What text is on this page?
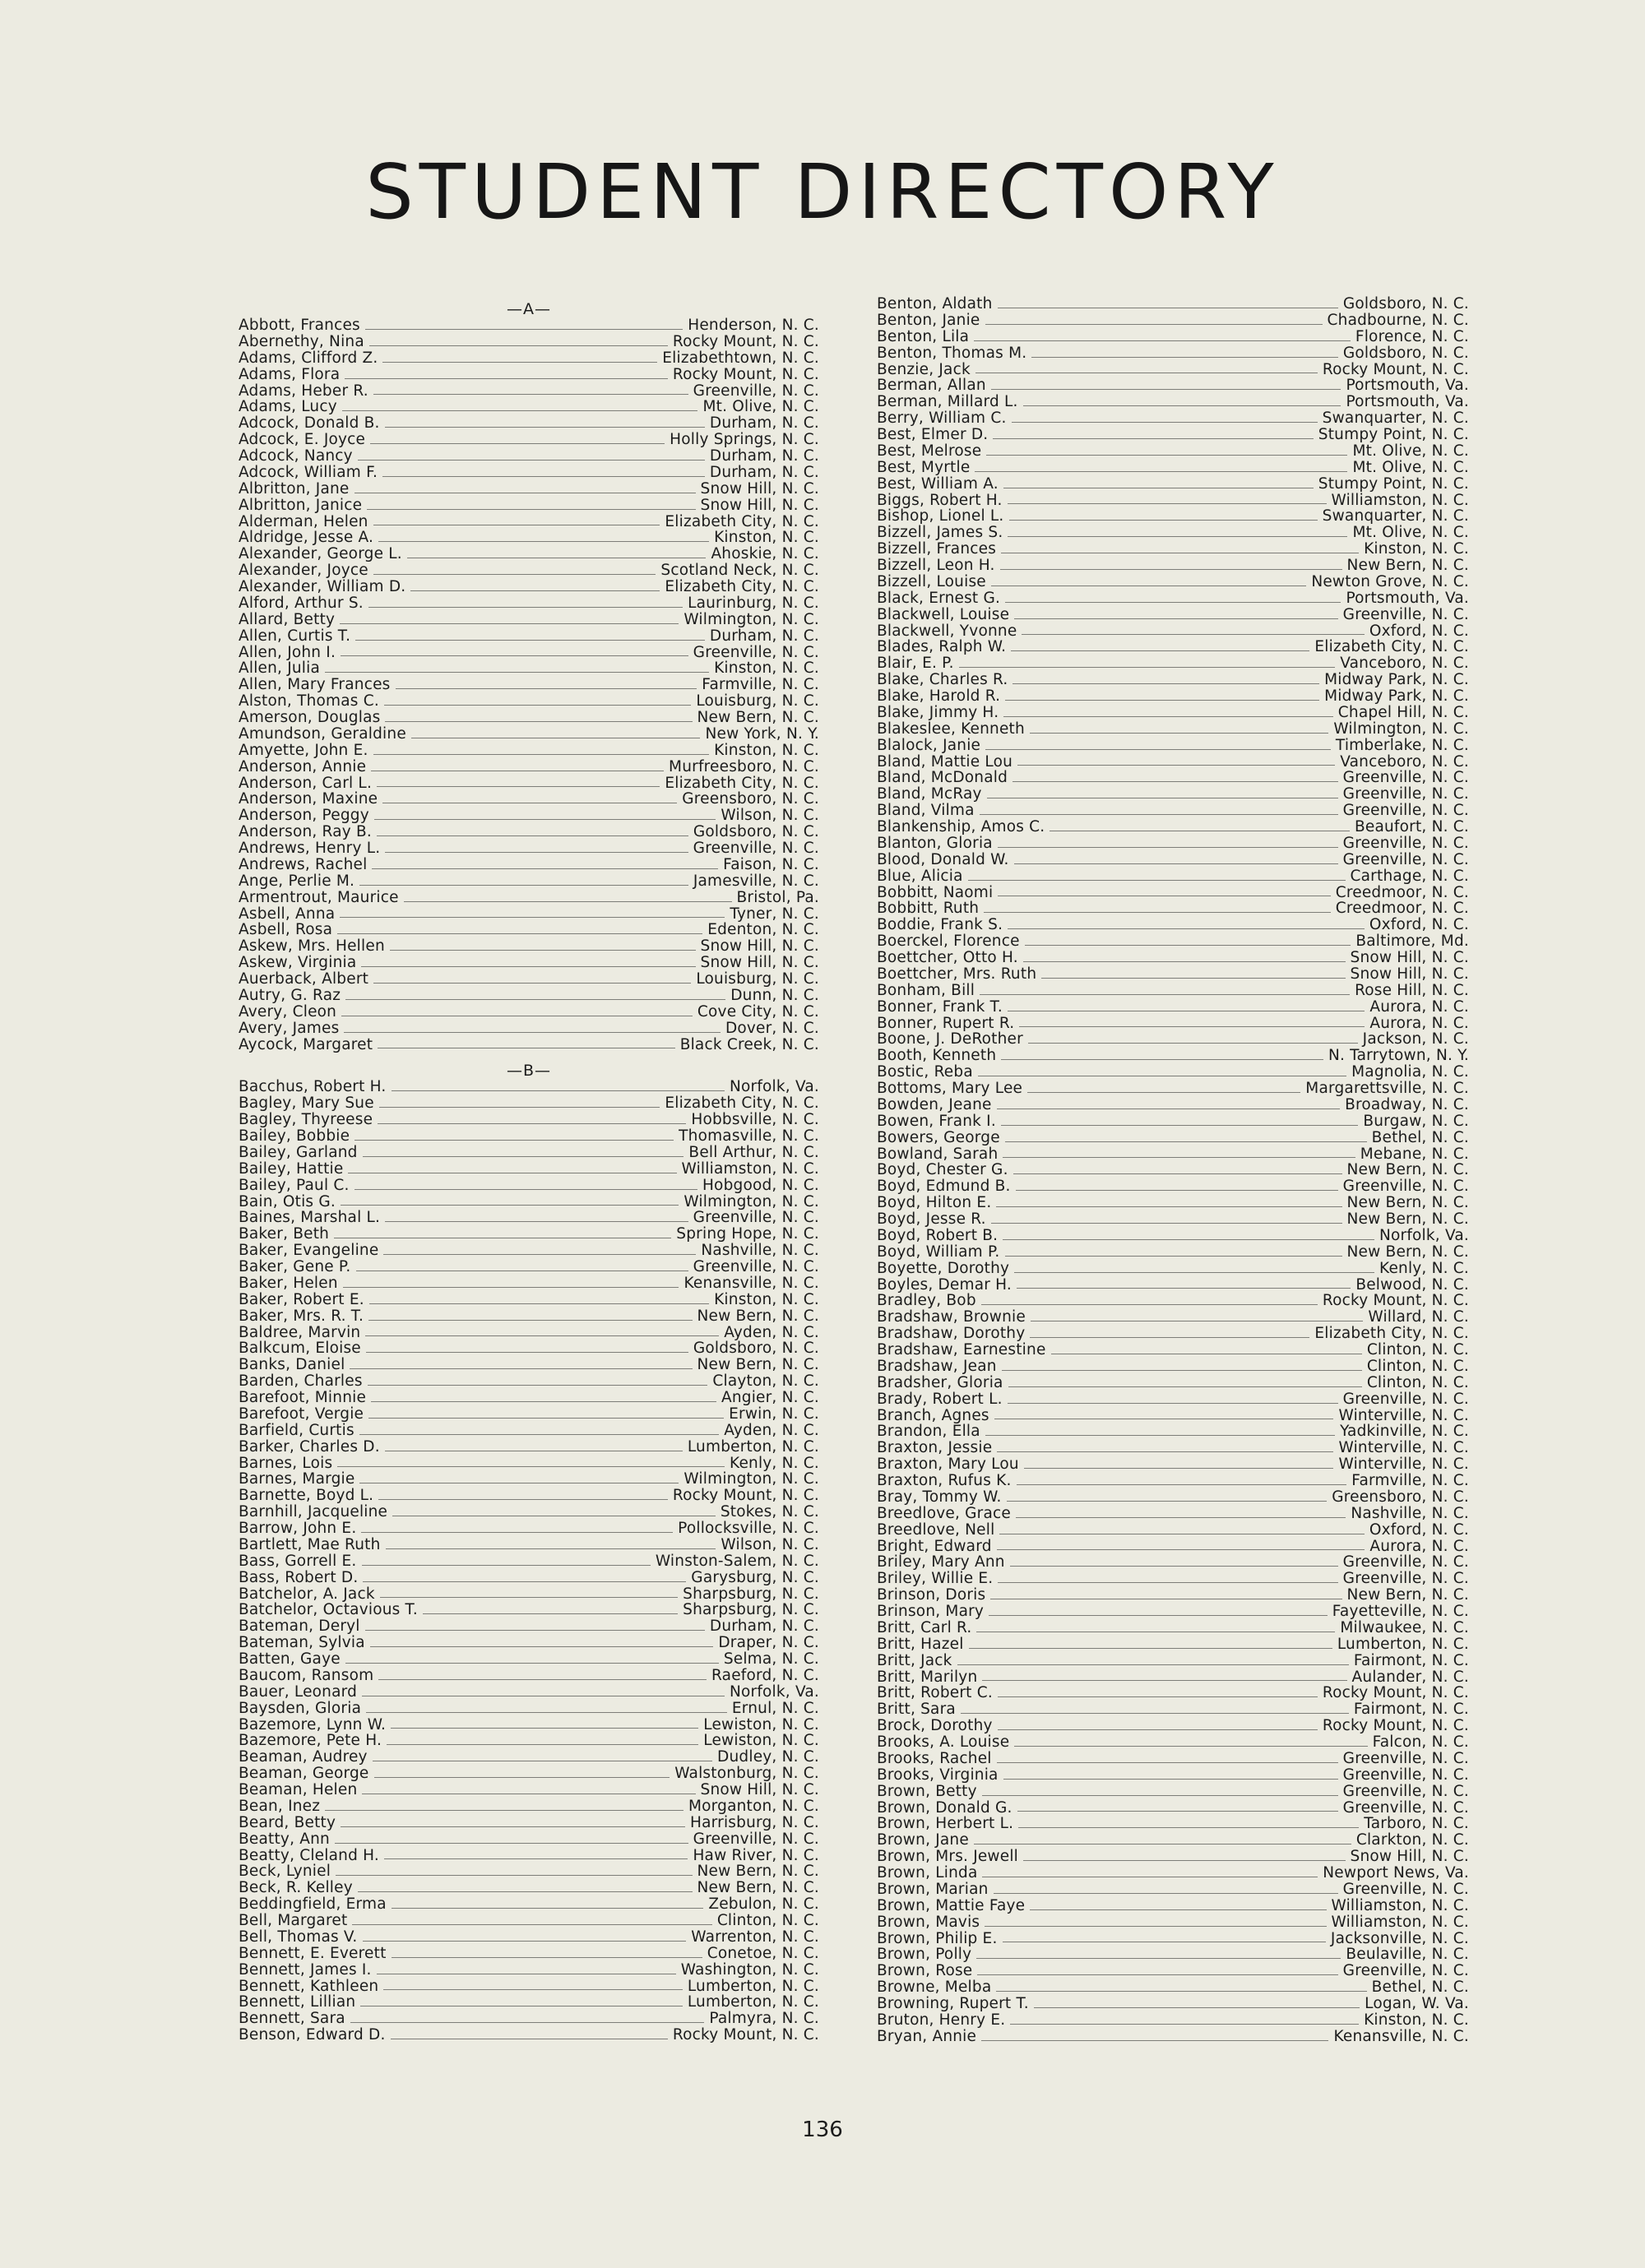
STUDENT DIRECTORY
—A—
Abbott, Frances	Henderson, N. C.
Abernethy, Nina	Rocky Mount, N. C.
Adams, Clifford Z.	Elizabethtown, N. C.
Adams, Flora	Rocky Mount, N. C.
Adams, Heber R.	Greenville, N. C.
Adams, Lucy	Mt. Olive, N. C.
Adcock, Donald B.	Durham, N. C.
Adcock, E. Joyce	Holly Springs, N. C.
Adcock, Nancy	Durham, N. C.
Adcock, William F.	Durham, N. C.
Albritton, Jane	Snow Hill, N. C.
Albritton, Janice	Snow Hill, N. C.
Alderman, Helen	Elizabeth City, N. C.
Aldridge, Jesse A.	Kinston, N. C.
Alexander, George L.	Ahoskie, N. C.
Alexander, Joyce	Scotland Neck, N. C.
Alexander, William D.	Elizabeth City, N. C.
Alford, Arthur S.	Laurinburg, N. C.
Allard, Betty	Wilmington, N. C.
Allen, Curtis T.	Durham, N. C.
Allen, John I.	Greenville, N. C.
Allen, Julia	Kinston, N. C.
Allen, Mary Frances	Farmville, N. C.
Alston, Thomas C.	Louisburg, N. C.
Amerson, Douglas	New Bern, N. C.
Amundson, Geraldine	New York, N. Y.
Amyette, John E.	Kinston, N. C.
Anderson, Annie	Murfreesboro, N. C.
Anderson, Carl L.	Elizabeth City, N. C.
Anderson, Maxine	Greensboro, N. C.
Anderson, Peggy	Wilson, N. C.
Anderson, Ray B.	Goldsboro, N. C.
Andrews, Henry L.	Greenville, N. C.
Andrews, Rachel	Faison, N. C.
Ange, Perlie M.	Jamesville, N. C.
Armentrout, Maurice	Bristol, Pa.
Asbell, Anna	Tyner, N. C.
Asbell, Rosa	Edenton, N. C.
Askew, Mrs. Hellen	Snow Hill, N. C.
Askew, Virginia	Snow Hill, N. C.
Auerback, Albert	Louisburg, N. C.
Autry, G. Raz	Dunn, N. C.
Avery, Cleon	Cove City, N. C.
Avery, James	Dover, N. C.
Aycock, Margaret	Black Creek, N. C.
—B—
Bacchus, Robert H.	Norfolk, Va.
Bagley, Mary Sue	Elizabeth City, N. C.
Bagley, Thyreese	Hobbsville, N. C.
Bailey, Bobbie	Thomasville, N. C.
Bailey, Garland	Bell Arthur, N. C.
Bailey, Hattie	Williamston, N. C.
Bailey, Paul C.	Hobgood, N. C.
Bain, Otis G.	Wilmington, N. C.
Baines, Marshal L.	Greenville, N. C.
Baker, Beth	Spring Hope, N. C.
Baker, Evangeline	Nashville, N. C.
Baker, Gene P.	Greenville, N. C.
Baker, Helen	Kenansville, N. C.
Baker, Robert E.	Kinston, N. C.
Baker, Mrs. R. T.	New Bern, N. C.
Baldree, Marvin	Ayden, N. C.
Balkcum, Eloise	Goldsboro, N. C.
Banks, Daniel	New Bern, N. C.
Barden, Charles	Clayton, N. C.
Barefoot, Minnie	Angier, N. C.
Barefoot, Vergie	Erwin, N. C.
Barfield, Curtis	Ayden, N. C.
Barker, Charles D.	Lumberton, N. C.
Barnes, Lois	Kenly, N. C.
Barnes, Margie	Wilmington, N. C.
Barnette, Boyd L.	Rocky Mount, N. C.
Barnhill, Jacqueline	Stokes, N. C.
Barrow, John E.	Pollocksville, N. C.
Bartlett, Mae Ruth	Wilson, N. C.
Bass, Gorrell E.	Winston-Salem, N. C.
Bass, Robert D.	Garysburg, N. C.
Batchelor, A. Jack	Sharpsburg, N. C.
Batchelor, Octavious T.	Sharpsburg, N. C.
Bateman, Deryl	Durham, N. C.
Bateman, Sylvia	Draper, N. C.
Batten, Gaye	Selma, N. C.
Baucom, Ransom	Raeford, N. C.
Bauer, Leonard	Norfolk, Va.
Baysden, Gloria	Ernul, N. C.
Bazemore, Lynn W.	Lewiston, N. C.
Bazemore, Pete H.	Lewiston, N. C.
Beaman, Audrey	Dudley, N. C.
Beaman, George	Walstonburg, N. C.
Beaman, Helen	Snow Hill, N. C.
Bean, Inez	Morganton, N. C.
Beard, Betty	Harrisburg, N. C.
Beatty, Ann	Greenville, N. C.
Beatty, Cleland H.	Haw River, N. C.
Beck, Lyniel	New Bern, N. C.
Beck, R. Kelley	New Bern, N. C.
Beddingfield, Erma	Zebulon, N. C.
Bell, Margaret	Clinton, N. C.
Bell, Thomas V.	Warrenton, N. C.
Bennett, E. Everett	Conetoe, N. C.
Bennett, James I.	Washington, N. C.
Bennett, Kathleen	Lumberton, N. C.
Bennett, Lillian	Lumberton, N. C.
Bennett, Sara	Palmyra, N. C.
Benson, Edward D.	Rocky Mount, N. C.
Benton, Aldath	Goldsboro, N. C.
Benton, Janie	Chadbourne, N. C.
Benton, Lila	Florence, N. C.
Benton, Thomas M.	Goldsboro, N. C.
Benzie, Jack	Rocky Mount, N. C.
Berman, Allan	Portsmouth, Va.
Berman, Millard L.	Portsmouth, Va.
Berry, William C.	Swanquarter, N. C.
Best, Elmer D.	Stumpy Point, N. C.
Best, Melrose	Mt. Olive, N. C.
Best, Myrtle	Mt. Olive, N. C.
Best, William A.	Stumpy Point, N. C.
Biggs, Robert H.	Williamston, N. C.
Bishop, Lionel L.	Swanquarter, N. C.
Bizzell, James S.	Mt. Olive, N. C.
Bizzell, Frances	Kinston, N. C.
Bizzell, Leon H.	New Bern, N. C.
Bizzell, Louise	Newton Grove, N. C.
Black, Ernest G.	Portsmouth, Va.
Blackwell, Louise	Greenville, N. C.
Blackwell, Yvonne	Oxford, N. C.
Blades, Ralph W.	Elizabeth City, N. C.
Blair, E. P.	Vanceboro, N. C.
Blake, Charles R.	Midway Park, N. C.
Blake, Harold R.	Midway Park, N. C.
Blake, Jimmy H.	Chapel Hill, N. C.
Blakeslee, Kenneth	Wilmington, N. C.
Blalock, Janie	Timberlake, N. C.
Bland, Mattie Lou	Vanceboro, N. C.
Bland, McDonald	Greenville, N. C.
Bland, McRay	Greenville, N. C.
Bland, Vilma	Greenville, N. C.
Blankenship, Amos C.	Beaufort, N. C.
Blanton, Gloria	Greenville, N. C.
Blood, Donald W.	Greenville, N. C.
Blue, Alicia	Carthage, N. C.
Bobbitt, Naomi	Creedmoor, N. C.
Bobbitt, Ruth	Creedmoor, N. C.
Boddie, Frank S.	Oxford, N. C.
Boerckel, Florence	Baltimore, Md.
Boettcher, Otto H.	Snow Hill, N. C.
Boettcher, Mrs. Ruth	Snow Hill, N. C.
Bonham, Bill	Rose Hill, N. C.
Bonner, Frank T.	Aurora, N. C.
Bonner, Rupert R.	Aurora, N. C.
Boone, J. DeRother	Jackson, N. C.
Booth, Kenneth	N. Tarrytown, N. Y.
Bostic, Reba	Magnolia, N. C.
Bottoms, Mary Lee	Margarettsville, N. C.
Bowden, Jeane	Broadway, N. C.
Bowen, Frank I.	Burgaw, N. C.
Bowers, George	Bethel, N. C.
Bowland, Sarah	Mebane, N. C.
Boyd, Chester G.	New Bern, N. C.
Boyd, Edmund B.	Greenville, N. C.
Boyd, Hilton E.	New Bern, N. C.
Boyd, Jesse R.	New Bern, N. C.
Boyd, Robert B.	Norfolk, Va.
Boyd, William P.	New Bern, N. C.
Boyette, Dorothy	Kenly, N. C.
Boyles, Demar H.	Belwood, N. C.
Bradley, Bob	Rocky Mount, N. C.
Bradshaw, Brownie	Willard, N. C.
Bradshaw, Dorothy	Elizabeth City, N. C.
Bradshaw, Earnestine	Clinton, N. C.
Bradshaw, Jean	Clinton, N. C.
Bradsher, Gloria	Clinton, N. C.
Brady, Robert L.	Greenville, N. C.
Branch, Agnes	Winterville, N. C.
Brandon, Ella	Yadkinville, N. C.
Braxton, Jessie	Winterville, N. C.
Braxton, Mary Lou	Winterville, N. C.
Braxton, Rufus K.	Farmville, N. C.
Bray, Tommy W.	Greensboro, N. C.
Breedlove, Grace	Nashville, N. C.
Breedlove, Nell	Oxford, N. C.
Bright, Edward	Aurora, N. C.
Briley, Mary Ann	Greenville, N. C.
Briley, Willie E.	Greenville, N. C.
Brinson, Doris	New Bern, N. C.
Brinson, Mary	Fayetteville, N. C.
Britt, Carl R.	Milwaukee, N. C.
Britt, Hazel	Lumberton, N. C.
Britt, Jack	Fairmont, N. C.
Britt, Marilyn	Aulander, N. C.
Britt, Robert C.	Rocky Mount, N. C.
Britt, Sara	Fairmont, N. C.
Brock, Dorothy	Rocky Mount, N. C.
Brooks, A. Louise	Falcon, N. C.
Brooks, Rachel	Greenville, N. C.
Brooks, Virginia	Greenville, N. C.
Brown, Betty	Greenville, N. C.
Brown, Donald G.	Greenville, N. C.
Brown, Herbert L.	Tarboro, N. C.
Brown, Jane	Clarkton, N. C.
Brown, Mrs. Jewell	Snow Hill, N. C.
Brown, Linda	Newport News, Va.
Brown, Marian	Greenville, N. C.
Brown, Mattie Faye	Williamston, N. C.
Brown, Mavis	Williamston, N. C.
Brown, Philip E.	Jacksonville, N. C.
Brown, Polly	Beulaville, N. C.
Brown, Rose	Greenville, N. C.
Browne, Melba	Bethel, N. C.
Browning, Rupert T.	Logan, W. Va.
Bruton, Henry E.	Kinston, N. C.
Bryan, Annie	Kenansville, N. C.
136
